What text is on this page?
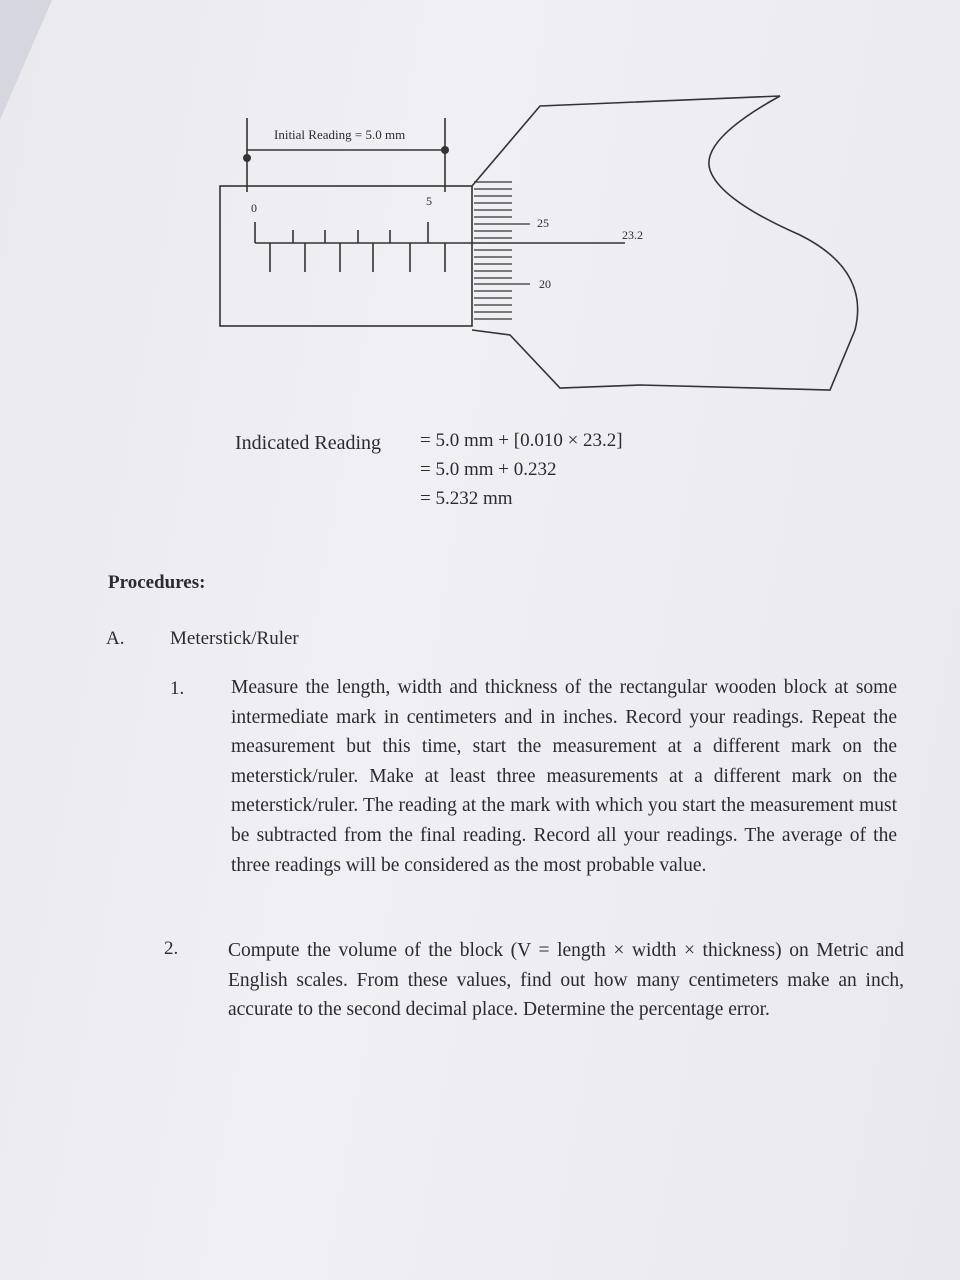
Initial Reading = 5.0 mm
0	5
25
20
23.2
Indicated Reading = 5.0 mm + [0.010 × 23.2]
= 5.0 mm + 0.232
= 5.232 mm
Procedures:
A. Meterstick/Ruler
1. Measure the length, width and thickness of the rectangular wooden block at some intermediate mark in centimeters and in inches. Record your readings. Repeat the measurement but this time, start the measurement at a different mark on the meterstick/ruler. Make at least three measurements at a different mark on the meterstick/ruler. The reading at the mark with which you start the measurement must be subtracted from the final reading. Record all your readings. The average of the three readings will be considered as the most probable value.
2.	Compute the volume of the block (V = length × width × thickness) on Metric and English scales. From these values, find out how many centimeters make an inch, accurate to the second decimal place. Determine the percentage error.
